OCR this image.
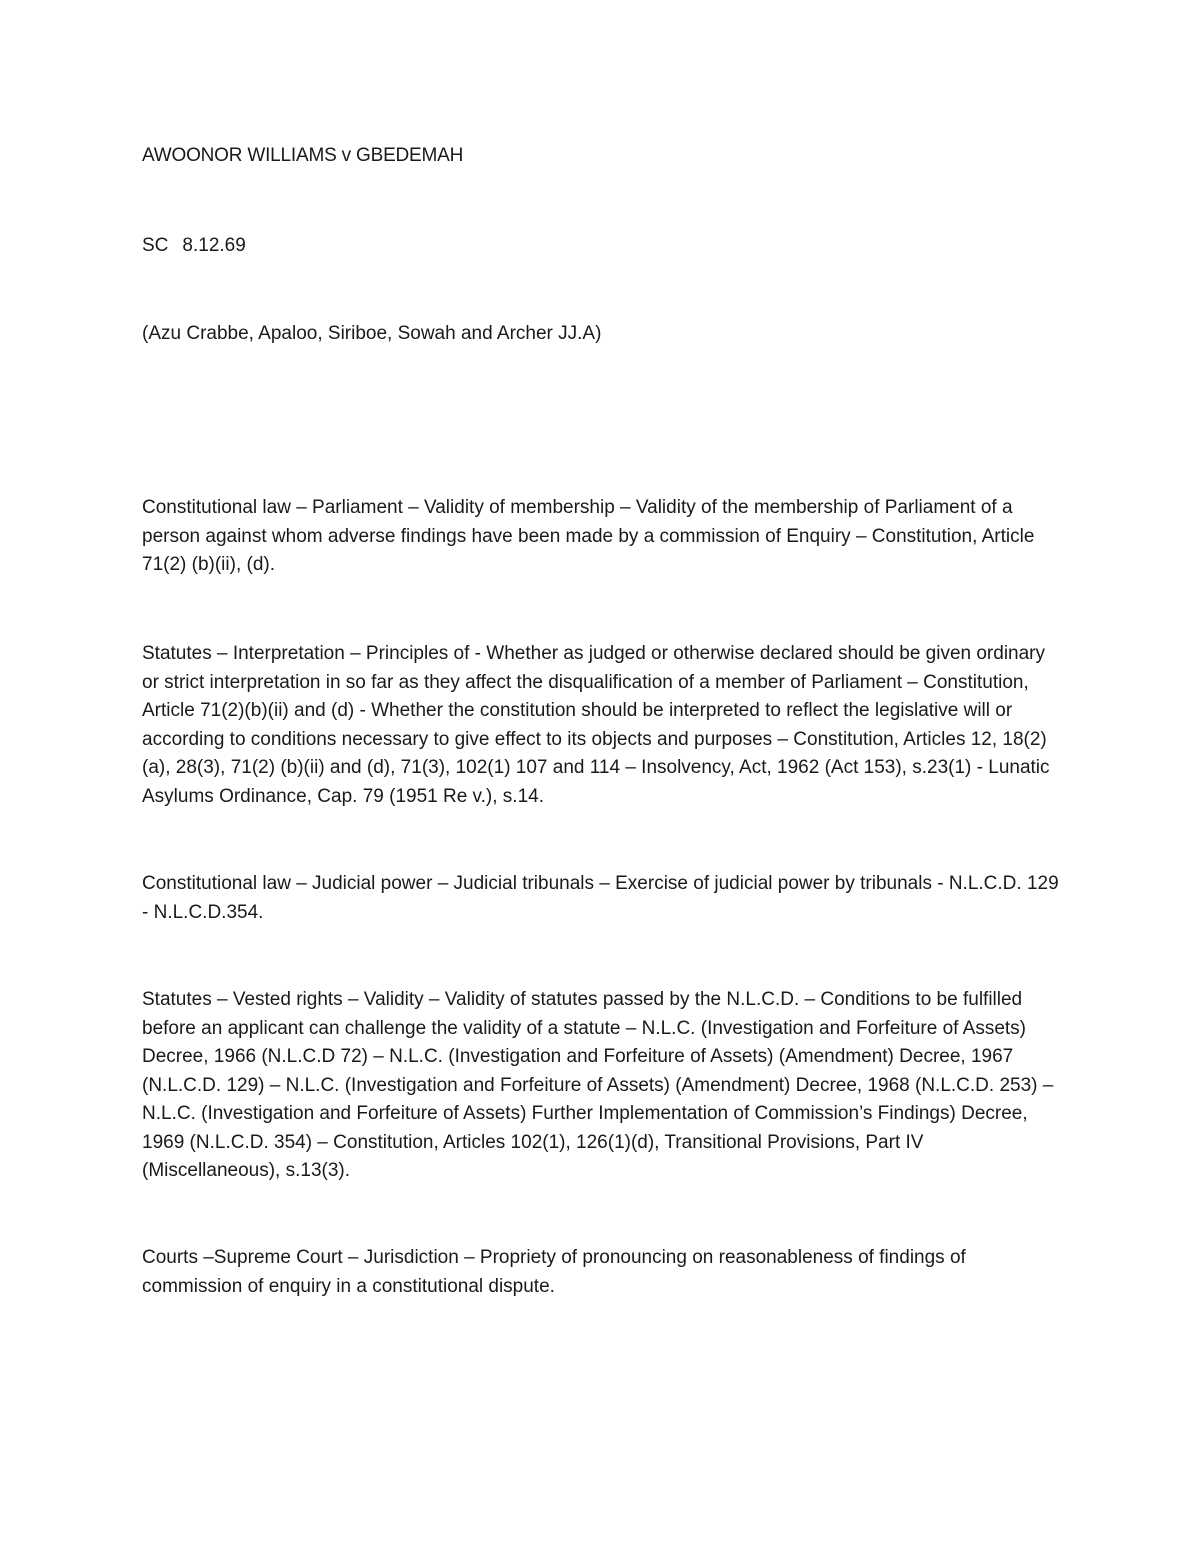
AWOONOR WILLIAMS v GBEDEMAH

SC 8.12.69

(Azu Crabbe, Apaloo, Siriboe, Sowah and Archer JJ.A)

Constitutional law – Parliament – Validity of membership – Validity of the membership of Parliament of a person against whom adverse findings have been made by a commission of Enquiry – Constitution, Article 71(2) (b)(ii), (d).

Statutes – Interpretation – Principles of - Whether as judged or otherwise declared should be given ordinary or strict interpretation in so far as they affect the disqualification of a member of Parliament – Constitution, Article 71(2)(b)(ii) and (d) - Whether the constitution should be interpreted to reflect the legislative will or according to conditions necessary to give effect to its objects and purposes – Constitution, Articles 12, 18(2)(a), 28(3), 71(2) (b)(ii) and (d), 71(3), 102(1) 107 and 114 – Insolvency, Act, 1962 (Act 153), s.23(1) - Lunatic Asylums Ordinance, Cap. 79 (1951 Re v.), s.14.

Constitutional law – Judicial power – Judicial tribunals – Exercise of judicial power by tribunals - N.L.C.D. 129 - N.L.C.D.354.

Statutes – Vested rights – Validity – Validity of statutes passed by the N.L.C.D. – Conditions to be fulfilled before an applicant can challenge the validity of a statute – N.L.C. (Investigation and Forfeiture of Assets) Decree, 1966 (N.L.C.D 72) – N.L.C. (Investigation and Forfeiture of Assets) (Amendment) Decree, 1967 (N.L.C.D. 129) – N.L.C. (Investigation and Forfeiture of Assets) (Amendment) Decree, 1968 (N.L.C.D. 253) – N.L.C. (Investigation and Forfeiture of Assets) Further Implementation of Commission’s Findings) Decree, 1969 (N.L.C.D. 354) – Constitution, Articles 102(1), 126(1)(d), Transitional Provisions, Part IV (Miscellaneous), s.13(3).

Courts –Supreme Court – Jurisdiction – Propriety of pronouncing on reasonableness of findings of commission of enquiry in a constitutional dispute.
